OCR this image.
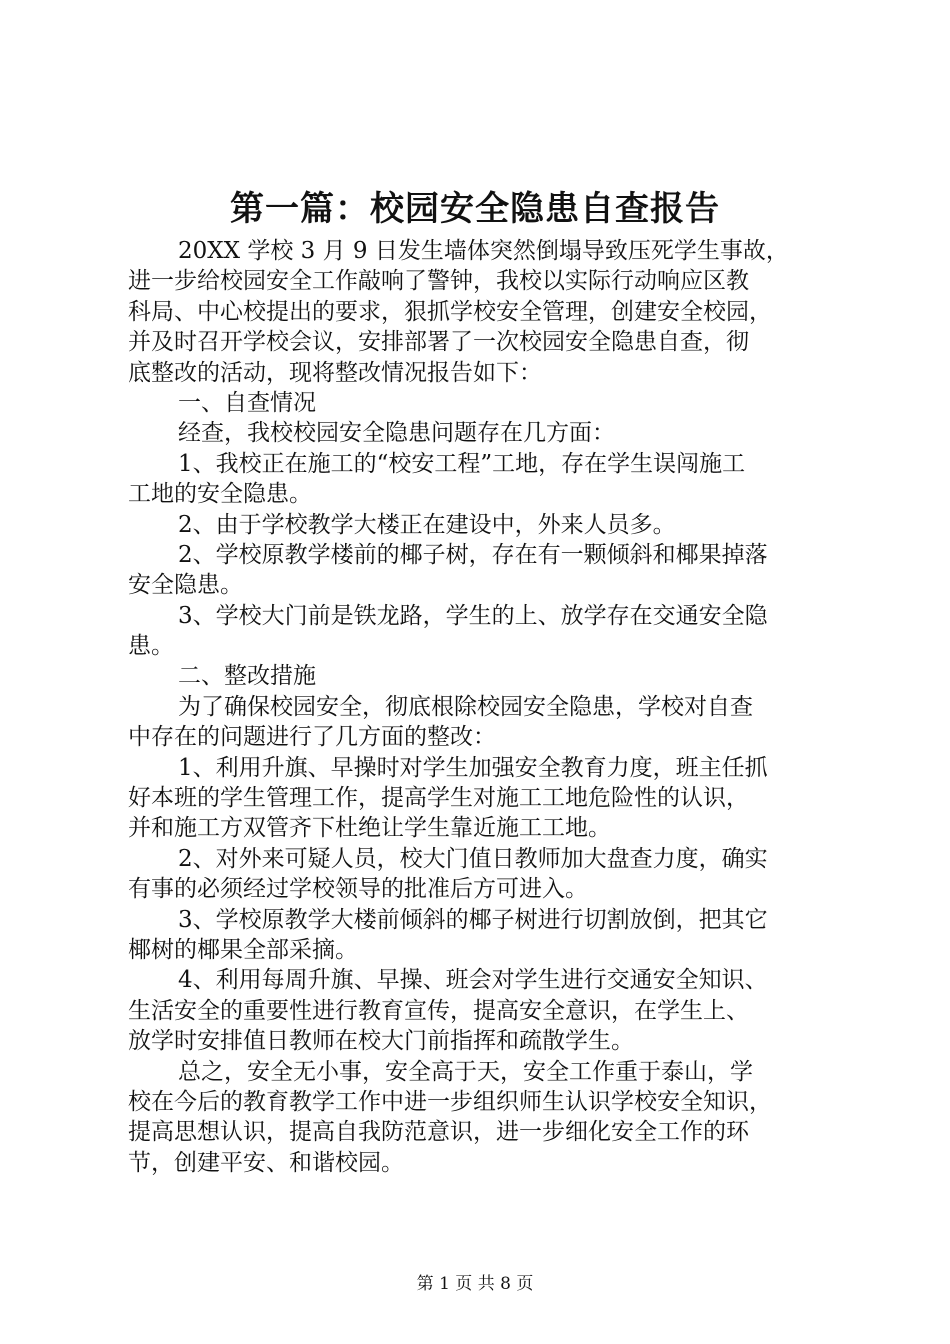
第一篇：校园安全隐患自查报告
20XX 学校 3 月 9 日发生墙体突然倒塌导致压死学生事故，
进一步给校园安全工作敲响了警钟，我校以实际行动响应区教
科局、中心校提出的要求，狠抓学校安全管理，创建安全校园，
并及时召开学校会议，安排部署了一次校园安全隐患自查，彻
底整改的活动，现将整改情况报告如下：
一、自查情况
经查，我校校园安全隐患问题存在几方面：
1、我校正在施工的“校安工程”工地，存在学生误闯施工
工地的安全隐患。
2、由于学校教学大楼正在建设中，外来人员多。
2、学校原教学楼前的椰子树，存在有一颗倾斜和椰果掉落
安全隐患。
3、学校大门前是铁龙路，学生的上、放学存在交通安全隐
患。
二、整改措施
为了确保校园安全，彻底根除校园安全隐患，学校对自查
中存在的问题进行了几方面的整改：
1、利用升旗、早操时对学生加强安全教育力度，班主任抓
好本班的学生管理工作，提高学生对施工工地危险性的认识，
并和施工方双管齐下杜绝让学生靠近施工工地。
2、对外来可疑人员，校大门值日教师加大盘查力度，确实
有事的必须经过学校领导的批准后方可进入。
3、学校原教学大楼前倾斜的椰子树进行切割放倒，把其它
椰树的椰果全部采摘。
4、利用每周升旗、早操、班会对学生进行交通安全知识、
生活安全的重要性进行教育宣传，提高安全意识，在学生上、
放学时安排值日教师在校大门前指挥和疏散学生。
总之，安全无小事，安全高于天，安全工作重于泰山，学
校在今后的教育教学工作中进一步组织师生认识学校安全知识，
提高思想认识，提高自我防范意识，进一步细化安全工作的环
节，创建平安、和谐校园。
第 1 页 共 8 页
